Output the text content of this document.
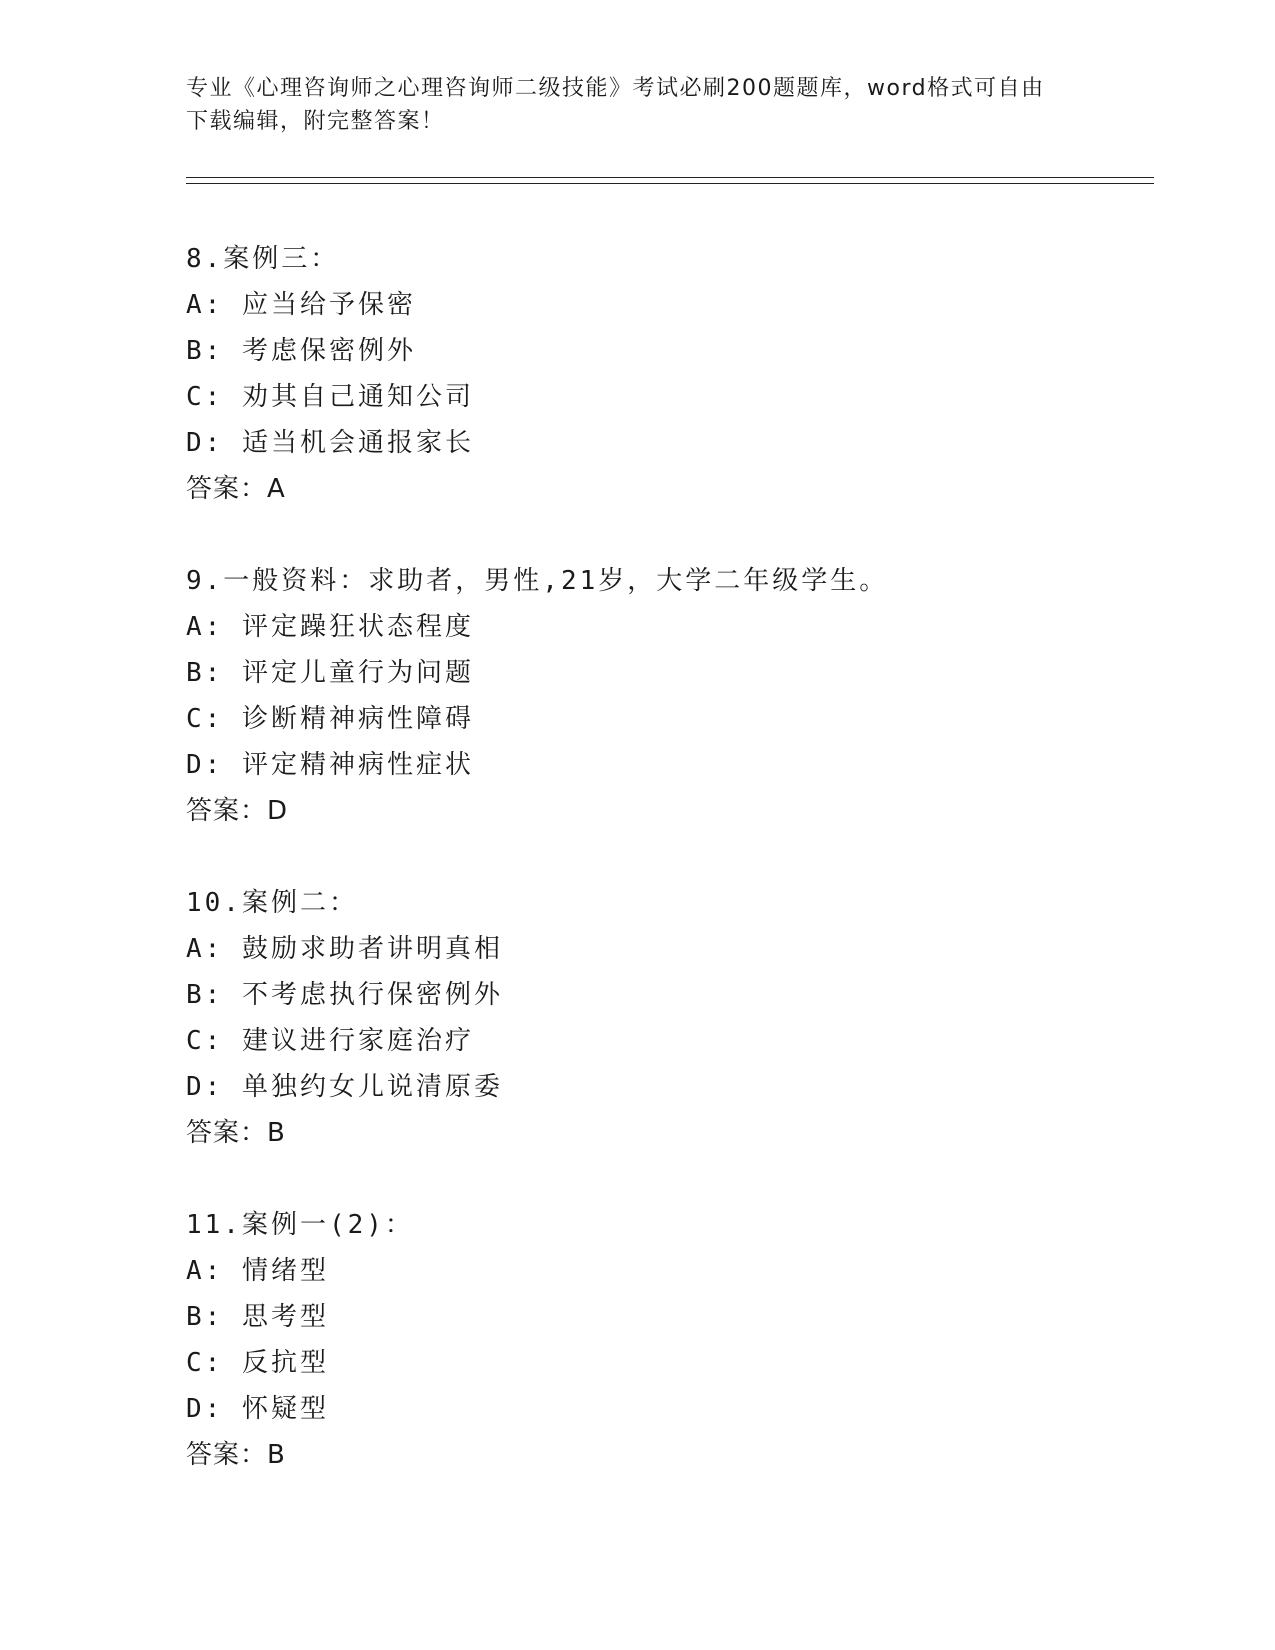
专业《心理咨询师之心理咨询师二级技能》考试必刷200题题库，word格式可自由下载编辑，附完整答案！
8.案例三：
A: 应当给予保密
B: 考虑保密例外
C: 劝其自己通知公司
D: 适当机会通报家长
答案：A
9.一般资料：求助者，男性,21岁，大学二年级学生。
A: 评定躁狂状态程度
B: 评定儿童行为问题
C: 诊断精神病性障碍
D: 评定精神病性症状
答案：D
10.案例二：
A: 鼓励求助者讲明真相
B: 不考虑执行保密例外
C: 建议进行家庭治疗
D: 单独约女儿说清原委
答案：B
11.案例一(2)：
A: 情绪型
B: 思考型
C: 反抗型
D: 怀疑型
答案：B
